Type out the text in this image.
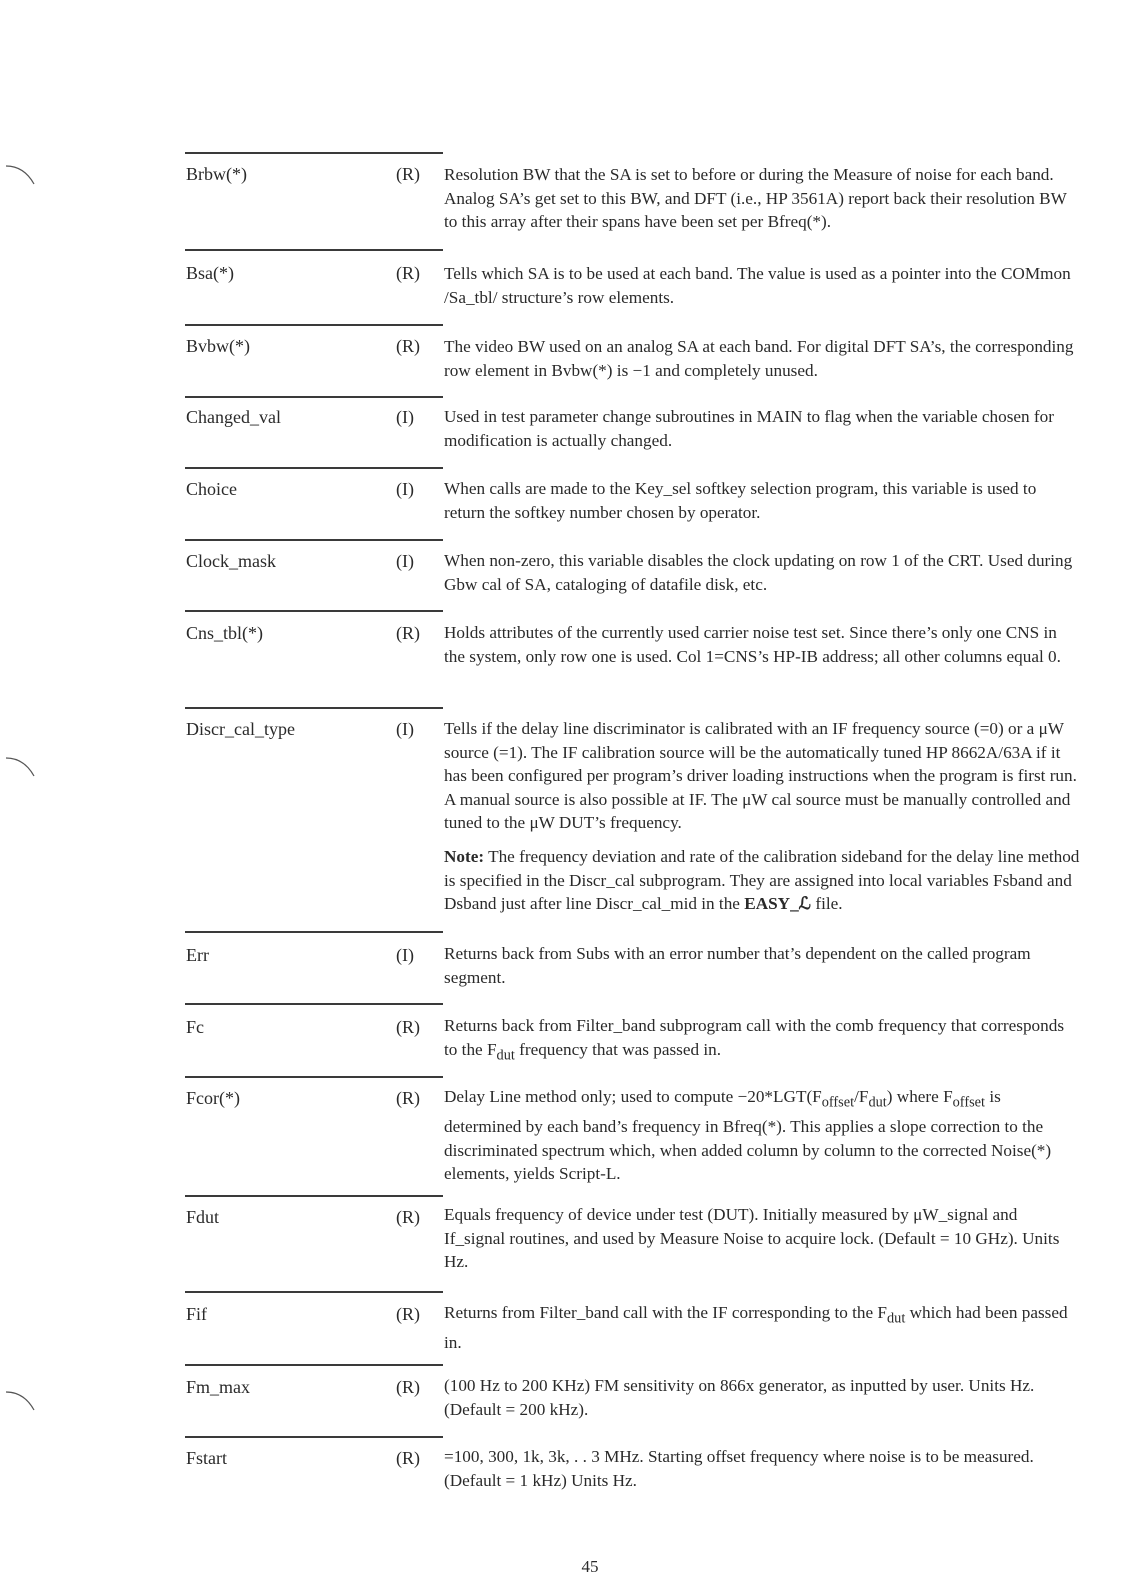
Brbw(*)	(R) Resolution BW that the SA is set to before or during the Measure of noise for each band. Analog SA’s get set to this BW, and DFT (i.e., HP 3561A) report back their resolution BW to this array after their spans have been set per Bfreq(*).

Bsa(*)	(R) Tells which SA is to be used at each band. The value is used as a pointer into the COMmon /Sa_tbl/ structure’s row elements.

Bvbw(*)	(R) The video BW used on an analog SA at each band. For digital DFT SA’s, the corresponding row element in Bvbw(*) is −1 and completely unused.

Changed_val	(I) Used in test parameter change subroutines in MAIN to flag when the variable chosen for modification is actually changed.

Choice	(I) When calls are made to the Key_sel softkey selection program, this variable is used to return the softkey number chosen by operator.

Clock_mask	(I) When non-zero, this variable disables the clock updating on row 1 of the CRT. Used during Gbw cal of SA, cataloging of datafile disk, etc.

Cns_tbl(*)	(R) Holds attributes of the currently used carrier noise test set. Since there’s only one CNS in the system, only row one is used. Col 1=CNS’s HP-IB address; all other columns equal 0.

Discr_cal_type	(I) Tells if the delay line discriminator is calibrated with an IF frequency source (=0) or a μW source (=1). The IF calibration source will be the automatically tuned HP 8662A/63A if it has been configured per program’s driver loading instructions when the program is first run. A manual source is also possible at IF. The μW cal source must be manually controlled and tuned to the μW DUT’s frequency.

Note: The frequency deviation and rate of the calibration sideband for the delay line method is specified in the Discr_cal subprogram. They are assigned into local variables Fsband and Dsband just after line Discr_cal_mid in the EASY_ℒ file.

Err	(I) Returns back from Subs with an error number that’s dependent on the called program segment.

Fc	(R) Returns back from Filter_band subprogram call with the comb frequency that corresponds to the $F_{dut}$ frequency that was passed in.

Fcor(*)	(R) Delay Line method only; used to compute $-20*LGT(F_{offset}/F_{dut})$ where $F_{offset}$ is determined by each band’s frequency in Bfreq(*). This applies a slope correction to the discriminated spectrum which, when added column by column to the corrected Noise(*) elements, yields Script-L.

Fdut	(R) Equals frequency of device under test (DUT). Initially measured by μW_signal and If_signal routines, and used by Measure Noise to acquire lock. (Default = 10 GHz). Units Hz.

Fif	(R) Returns from Filter_band call with the IF corresponding to the $F_{dut}$ which had been passed in.

Fm_max	(R) (100 Hz to 200 KHz) FM sensitivity on 866x generator, as inputted by user. Units Hz. (Default = 200 kHz).

Fstart	(R) =100, 300, 1k, 3k, . . 3 MHz. Starting offset frequency where noise is to be measured. (Default = 1 kHz) Units Hz.

45
